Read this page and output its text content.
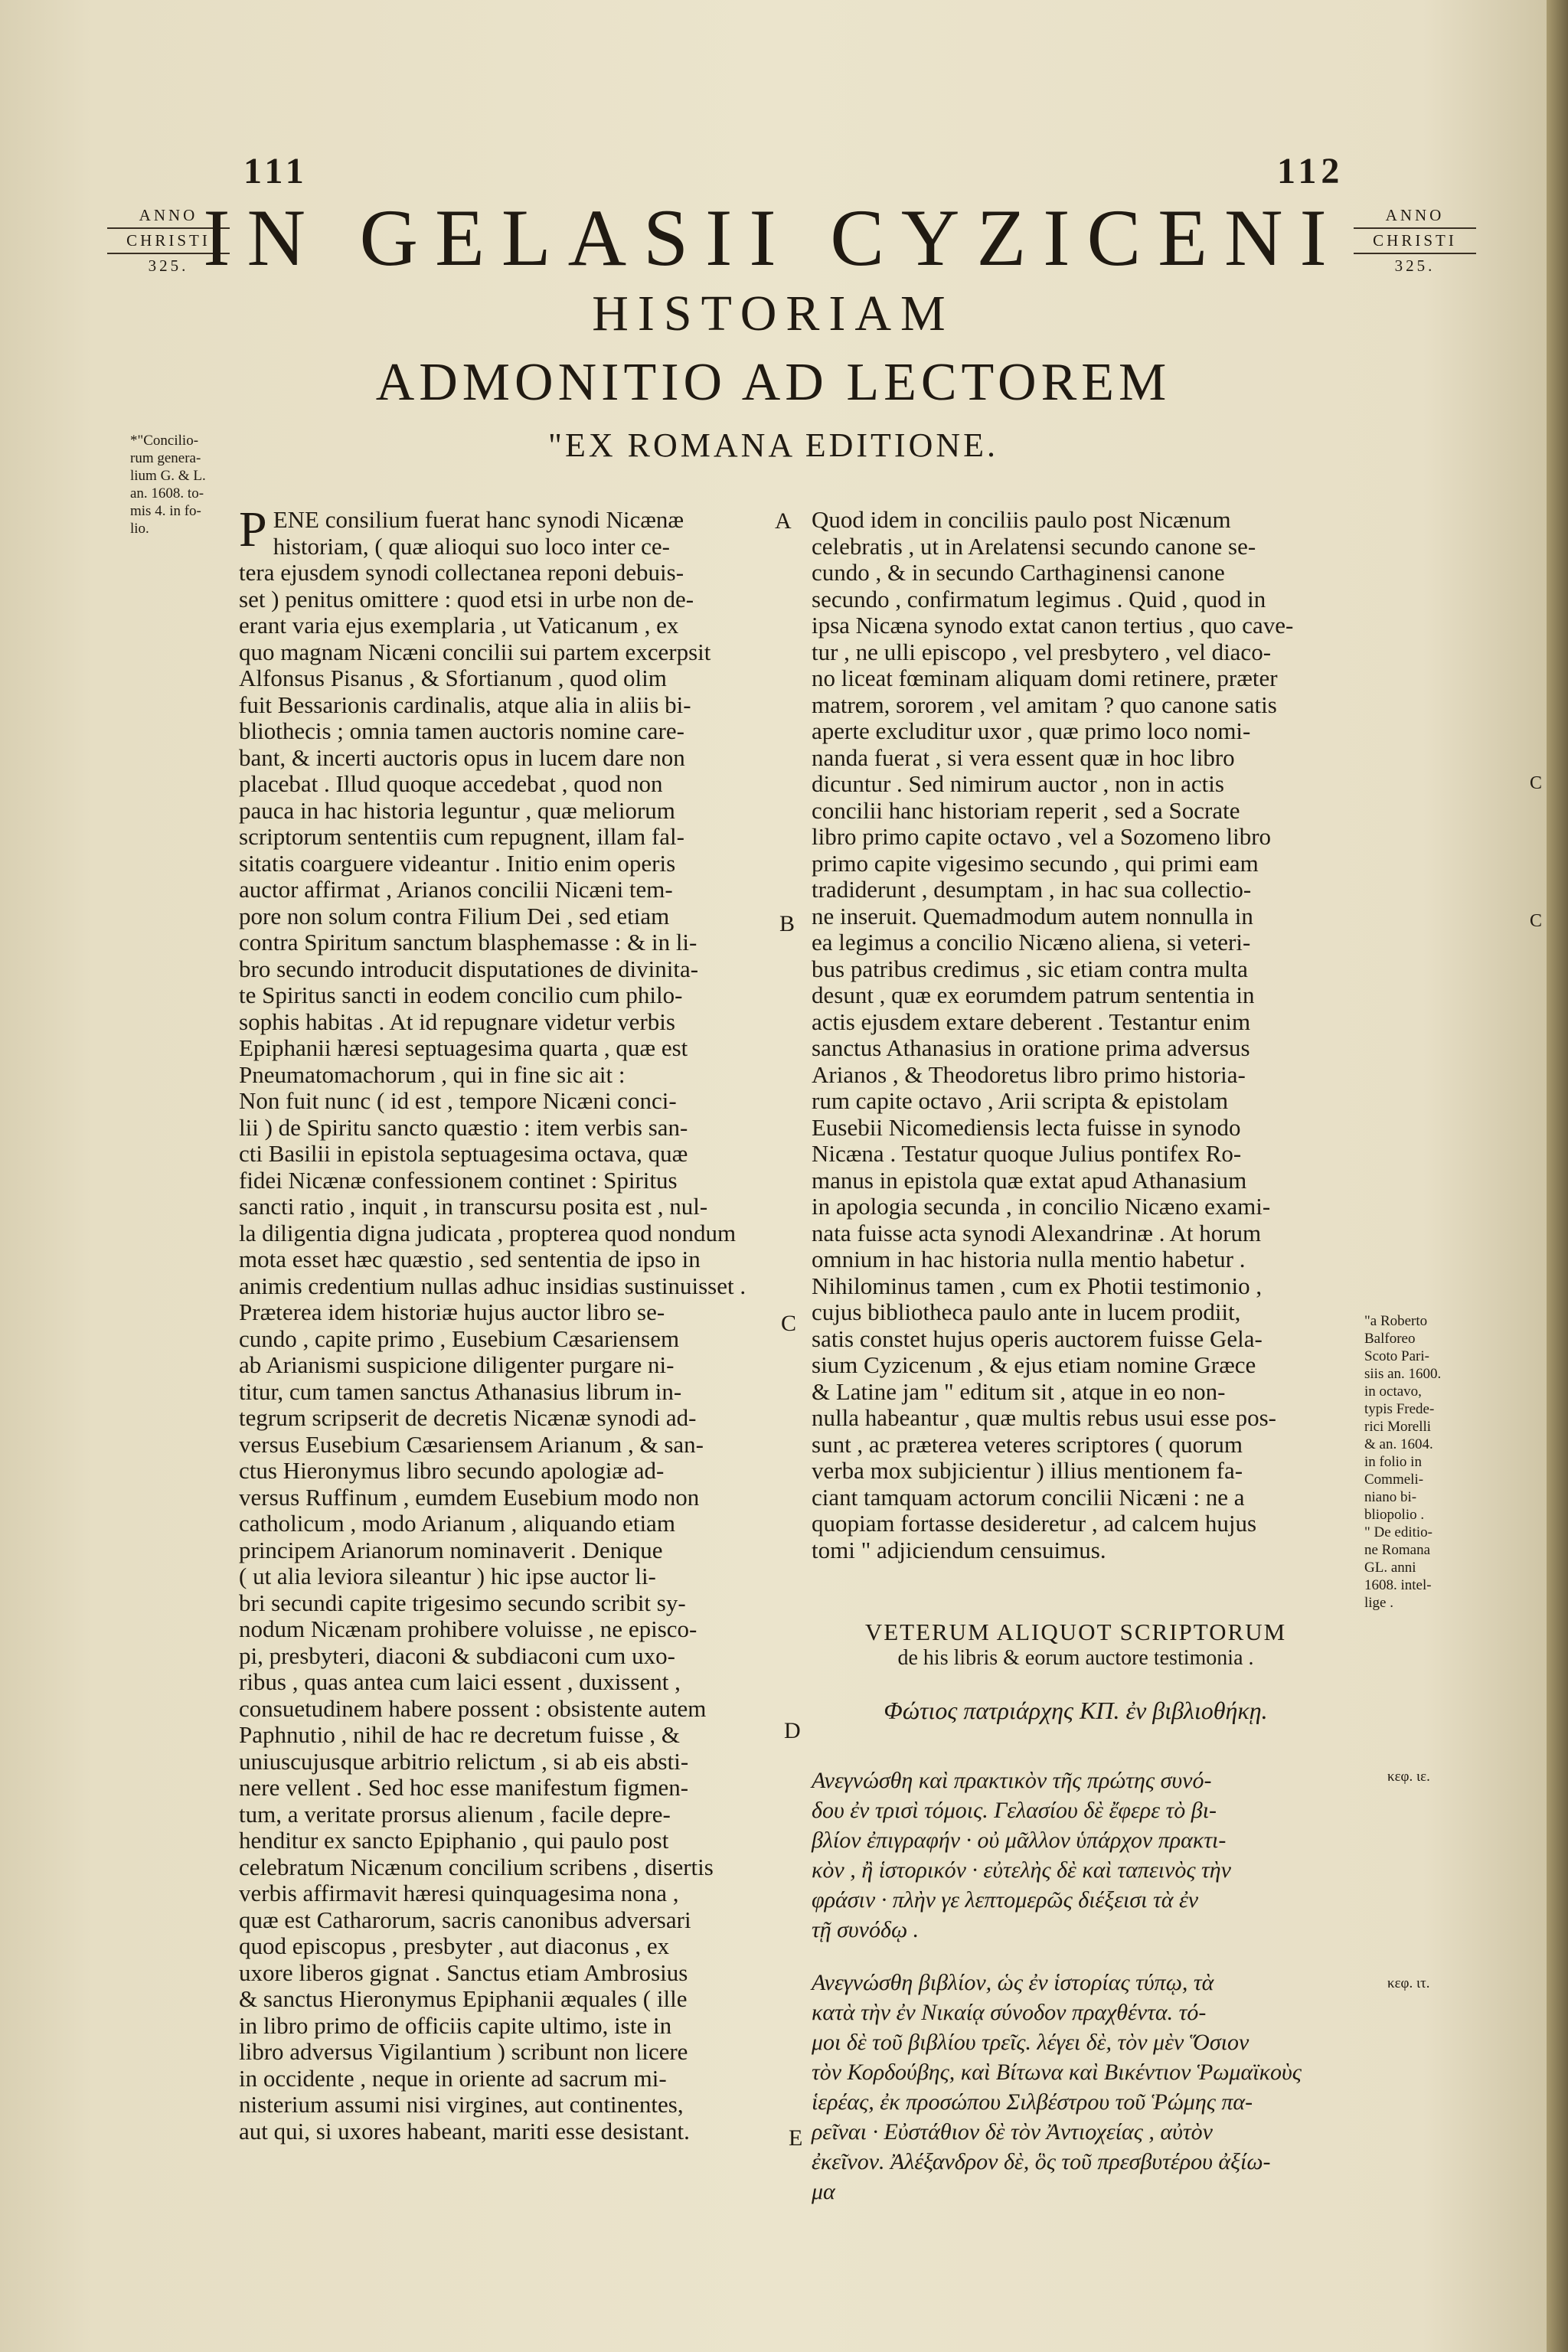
111	112
ANNO
CHRISTI
325.
ANNO
CHRISTI
325.
IN GELASII CYZICENI
HISTORIAM
ADMONITIO AD LECTOREM
"EX ROMANA EDITIONE.
*"Concilio-
rum genera-
lium G. & L.
an. 1608. to-
mis 4. in fo-
lio.	P ENE consilium fuerat hanc synodi Nicænæ
historiam, ( quæ alioqui suo loco inter ce-
tera ejusdem synodi collectanea reponi debuis-
set ) penitus omittere : quod etsi in urbe non de-
erant varia ejus exemplaria , ut Vaticanum , ex
quo magnam Nicæni concilii sui partem excerpsit
Alfonsus Pisanus , & Sfortianum , quod olim
fuit Bessarionis cardinalis, atque alia in aliis bi-
bliothecis ; omnia tamen auctoris nomine care-
bant, & incerti auctoris opus in lucem dare non
placebat . Illud quoque accedebat , quod non
pauca in hac historia leguntur , quæ meliorum
scriptorum sententiis cum repugnent, illam fal-
sitatis coarguere videantur . Initio enim operis
auctor affirmat , Arianos concilii Nicæni tem-
pore non solum contra Filium Dei , sed etiam
contra Spiritum sanctum blasphemasse : & in li-
bro secundo introducit disputationes de divinita-
te Spiritus sancti in eodem concilio cum philo-
sophis habitas . At id repugnare videtur verbis
Epiphanii hæresi septuagesima quarta , quæ est
Pneumatomachorum , qui in fine sic ait :
Non fuit nunc ( id est , tempore Nicæni conci-
lii ) de Spiritu sancto quæstio : item verbis san-
cti Basilii in epistola septuagesima octava, quæ
fidei Nicænæ confessionem continet : Spiritus
sancti ratio , inquit , in transcursu posita est , nul-
la diligentia digna judicata , propterea quod nondum
mota esset hæc quæstio , sed sententia de ipso in
animis credentium nullas adhuc insidias sustinuisset .
Præterea idem historiæ hujus auctor libro se-
cundo , capite primo , Eusebium Cæsariensem
ab Arianismi suspicione diligenter purgare ni-
titur, cum tamen sanctus Athanasius librum in-
tegrum scripserit de decretis Nicænæ synodi ad-
versus Eusebium Cæsariensem Arianum , & san-
ctus Hieronymus libro secundo apologiæ ad-
versus Ruffinum , eumdem Eusebium modo non
catholicum , modo Arianum , aliquando etiam
principem Arianorum nominaverit . Denique
( ut alia leviora sileantur ) hic ipse auctor li-
bri secundi capite trigesimo secundo scribit sy-
nodum Nicænam prohibere voluisse , ne episco-
pi, presbyteri, diaconi & subdiaconi cum uxo-
ribus , quas antea cum laici essent , duxissent ,
consuetudinem habere possent : obsistente autem
Paphnutio , nihil de hac re decretum fuisse , &
uniuscujusque arbitrio relictum , si ab eis absti-
nere vellent . Sed hoc esse manifestum figmen-
tum, a veritate prorsus alienum , facile depre-
henditur ex sancto Epiphanio , qui paulo post
celebratum Nicænum concilium scribens , disertis
verbis affirmavit hæresi quinquagesima nona ,
quæ est Catharorum, sacris canonibus adversari
quod episcopus , presbyter , aut diaconus , ex
uxore liberos gignat . Sanctus etiam Ambrosius
& sanctus Hieronymus Epiphanii æquales ( ille
in libro primo de officiis capite ultimo, iste in
libro adversus Vigilantium ) scribunt non licere
in occidente , neque in oriente ad sacrum mi-
nisterium assumi nisi virgines, aut continentes,
aut qui, si uxores habeant, mariti esse desistant.
A
B
C
D
E
Quod idem in conciliis paulo post Nicænum
celebratis , ut in Arelatensi secundo canone se-
cundo , & in secundo Carthaginensi canone
secundo , confirmatum legimus . Quid , quod in
ipsa Nicæna synodo extat canon tertius , quo cave-
tur , ne ulli episcopo , vel presbytero , vel diaco-
no liceat fœminam aliquam domi retinere, præter
matrem, sororem , vel amitam ? quo canone satis
aperte excluditur uxor , quæ primo loco nomi-
nanda fuerat , si vera essent quæ in hoc libro
dicuntur . Sed nimirum auctor , non in actis
concilii hanc historiam reperit , sed a Socrate
libro primo capite octavo , vel a Sozomeno libro
primo capite vigesimo secundo , qui primi eam
tradiderunt , desumptam , in hac sua collectio-
ne inseruit. Quemadmodum autem nonnulla in
ea legimus a concilio Nicæno aliena, si veteri-
bus patribus credimus , sic etiam contra multa
desunt , quæ ex eorumdem patrum sententia in
actis ejusdem extare deberent . Testantur enim
sanctus Athanasius in oratione prima adversus
Arianos , & Theodoretus libro primo historia-
rum capite octavo , Arii scripta & epistolam
Eusebii Nicomediensis lecta fuisse in synodo
Nicæna . Testatur quoque Julius pontifex Ro-
manus in epistola quæ extat apud Athanasium
in apologia secunda , in concilio Nicæno exami-
nata fuisse acta synodi Alexandrinæ . At horum
omnium in hac historia nulla mentio habetur .
Nihilominus tamen , cum ex Photii testimonio ,
cujus bibliotheca paulo ante in lucem prodiit,
satis constet hujus operis auctorem fuisse Gela-
sium Cyzicenum , & ejus etiam nomine Græce
& Latine jam " editum sit , atque in eo non-
nulla habeantur , quæ multis rebus usui esse pos-
sunt , ac præterea veteres scriptores ( quorum
verba mox subjicientur ) illius mentionem fa-
ciant tamquam actorum concilii Nicæni : ne a
quopiam fortasse desideretur , ad calcem hujus
tomi " adjiciendum censuimus.
VETERUM ALIQUOT SCRIPTORUM
de his libris & eorum auctore testimonia .
Φώτιος πατριάρχης ΚΠ. ἐν βιβλιοθήκῃ.
Ανεγνώσθη καὶ πρακτικὸν τῆς πρώτης συνό-
δου ἐν τρισὶ τόμοις. Γελασίου δὲ ἔφερε τὸ βι-
βλίον ἐπιγραφήν · οὐ μᾶλλον ὑπάρχον πρακτι-
κὸν , ἢ ἱστορικόν · εὐτελὴς δὲ καὶ ταπεινὸς τὴν
φράσιν · πλὴν γε λεπτομερῶς διέξεισι τὰ ἐν
τῇ συνόδῳ .
Ανεγνώσθη βιβλίον, ὡς ἐν ἱστορίας τύπῳ, τὰ
κατὰ τὴν ἐν Νικαίᾳ σύνοδον πραχθέντα. τό-
μοι δὲ τοῦ βιβλίου τρεῖς. λέγει δὲ, τὸν μὲν Ὅσιον
τὸν Κορδούβης, καὶ Βίτωνα καὶ Βικέντιον Ῥωμαϊκοὺς
ἱερέας, ἐκ προσώπου Σιλβέστρου τοῦ Ῥώμης πα-
ρεῖναι · Εὐστάθιον δὲ τὸν Ἀντιοχείας , αὐτὸν
ἐκεῖνον. Ἀλέξανδρον δὲ, ὃς τοῦ πρεσβυτέρου ἀξίω-
μα
"a Roberto
Balforeo
Scoto Pari-
siis an. 1600.
in octavo,
typis Frede-
rici Morelli
& an. 1604.
in folio in
Commeli-
niano bi-
bliopolio .
" De editio-
ne Romana
GL. anni
1608. intel-
lige .
κεφ. ιε.
κεφ. ιτ.
C
C
